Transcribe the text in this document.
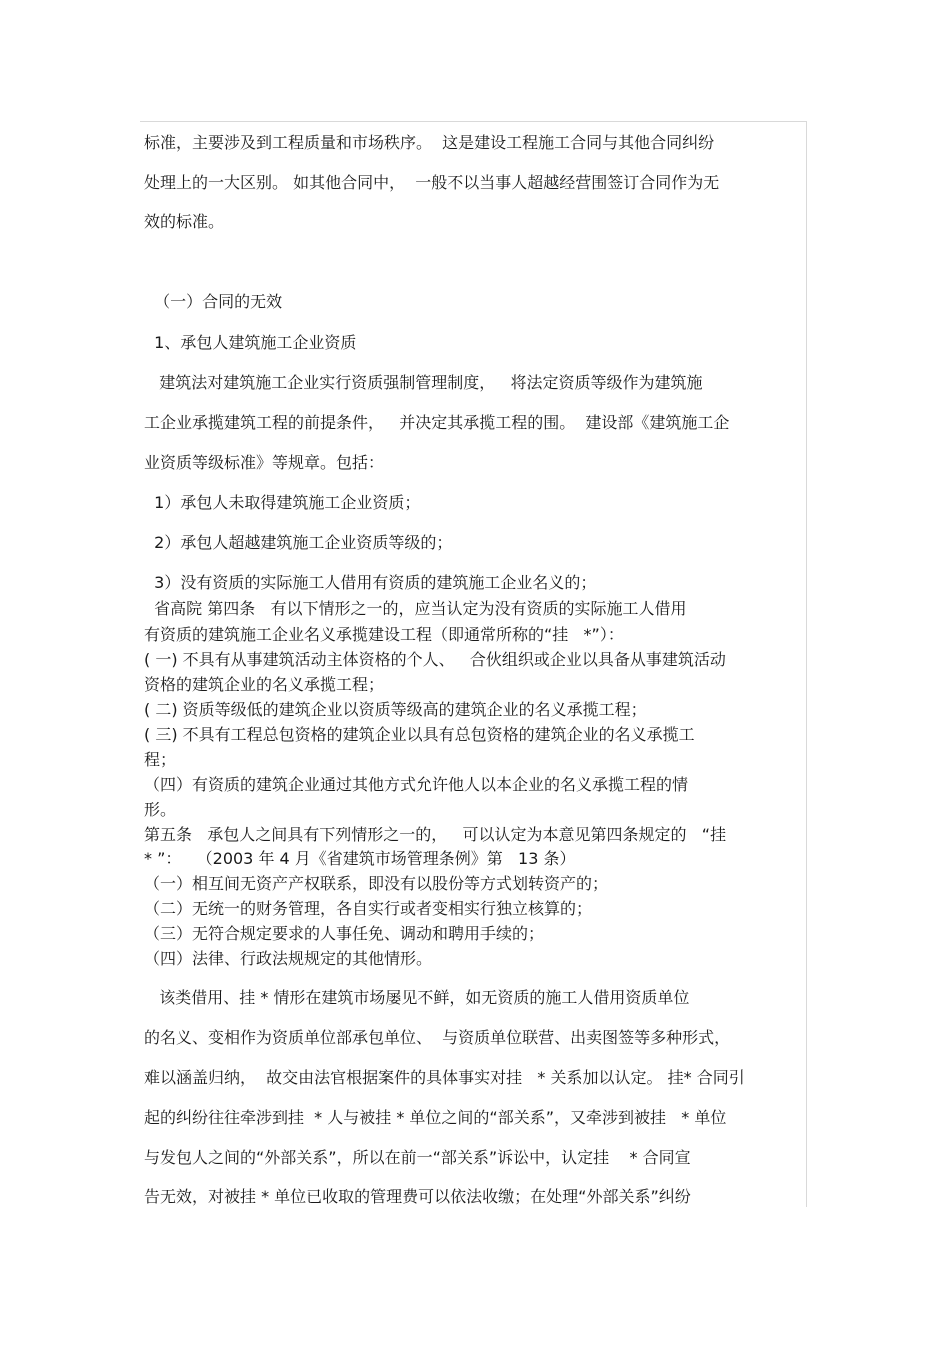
标准，主要涉及到工程质量和市场秩序。  这是建设工程施工合同与其他合同纠纷
处理上的一大区别。 如其他合同中，  一般不以当事人超越经营围签订合同作为无
效的标准。
（一）合同的无效
1、承包人建筑施工企业资质
建筑法对建筑施工企业实行资质强制管理制度，   将法定资质等级作为建筑施
工企业承揽建筑工程的前提条件，   并决定其承揽工程的围。  建设部《建筑施工企
业资质等级标准》等规章。包括：
1）承包人未取得建筑施工企业资质；
2）承包人超越建筑施工企业资质等级的；
3）没有资质的实际施工人借用有资质的建筑施工企业名义的；
省高院 第四条   有以下情形之一的，应当认定为没有资质的实际施工人借用
有资质的建筑施工企业名义承揽建设工程（即通常所称的“挂   *”）：
( 一) 不具有从事建筑活动主体资格的个人、   合伙组织或企业以具备从事建筑活动
资格的建筑企业的名义承揽工程；
( 二) 资质等级低的建筑企业以资质等级高的建筑企业的名义承揽工程；
( 三) 不具有工程总包资格的建筑企业以具有总包资格的建筑企业的名义承揽工
程；
（四）有资质的建筑企业通过其他方式允许他人以本企业的名义承揽工程的情
形。
第五条   承包人之间具有下列情形之一的，   可以认定为本意见第四条规定的   “挂
* ”：   （2003 年 4 月《省建筑市场管理条例》第   13 条）
（一）相互间无资产产权联系，即没有以股份等方式划转资产的；
（二）无统一的财务管理，各自实行或者变相实行独立核算的；
（三）无符合规定要求的人事任免、调动和聘用手续的；
（四）法律、行政法规规定的其他情形。
该类借用、挂 * 情形在建筑市场屡见不鲜，如无资质的施工人借用资质单位
的名义、变相作为资质单位部承包单位、  与资质单位联营、出卖图签等多种形式，
难以涵盖归纳，  故交由法官根据案件的具体事实对挂   * 关系加以认定。 挂* 合同引
起的纠纷往往牵涉到挂  * 人与被挂 * 单位之间的“部关系”，又牵涉到被挂   * 单位
与发包人之间的“外部关系”，所以在前一“部关系”诉讼中，认定挂    * 合同宣
告无效，对被挂 * 单位已收取的管理费可以依法收缴；在处理“外部关系”纠纷
